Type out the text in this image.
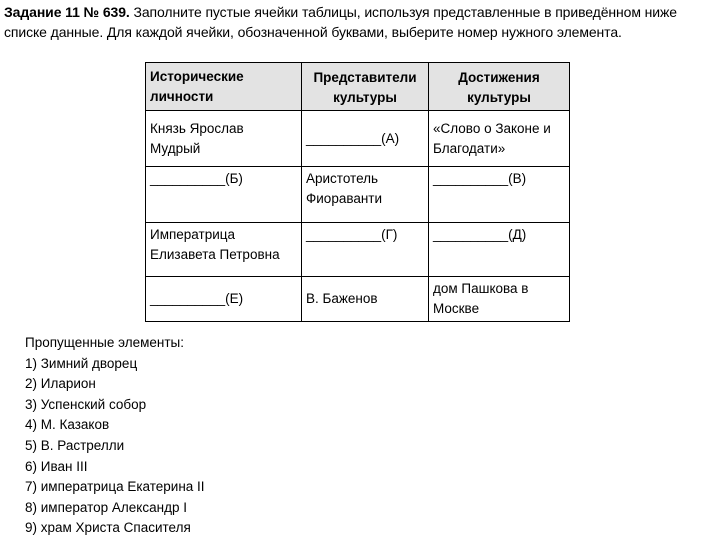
Задание 11 № 639. Заполните пустые ячейки таблицы, используя представленные в приведённом ниже списке данные. Для каждой ячейки, обозначенной буквами, выберите номер нужного элемента.
Исторические личности	Представители культуры	Достижения культуры
Князь Ярослав Мудрый	__________(А)	«Слово о Законе и Благодати»
__________(Б)	Аристотель Фиораванти	__________(В)
Императрица Елизавета Петровна	__________(Г)	__________(Д)
__________(Е)	В. Баженов	дом Пашкова в Москве
Пропущенные элементы:
1) Зимний дворец
2) Иларион
3) Успенский собор
4) М. Казаков
5) В. Растрелли
6) Иван III
7) императрица Екатерина II
8) император Александр I
9) храм Христа Спасителя
